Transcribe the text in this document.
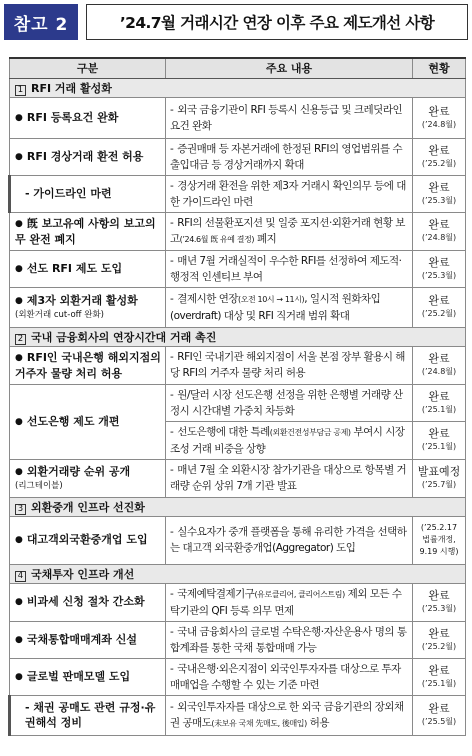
참고 2	’24.7월 거래시간 연장 이후 주요 제도개선 사항
구분	주요 내용	현황
1 RFI 거래 활성화		
● RFI 등록요건 완화	- 외국 금융기관이 RFI 등록시 신용등급 및 크레딧라인 요건 완화	완료
(’24.8월)

● RFI 경상거래 환전 허용	- 증권매매 등 자본거래에 한정된 RFI의 영업범위를 수출입대금 등 경상거래까지 확대	완료
(’25.2월)

- 가이드라인 마련	- 경상거래 환전을 위한 제3자 거래시 확인의무 등에 대한 가이드라인 마련	완료
(’25.3월)

● 旣 보고유예 사항의 보고의무 완전 폐지	- RFI의 선물환포지션 및 일중 포지션·외환거래 현황 보고(’24.6월 旣 유예 결정) 폐지	완료
(’24.8월)

● 선도 RFI 제도 도입	- 매년 7월 거래실적이 우수한 RFI를 선정하여 제도적·행정적 인센티브 부여	완료
(’25.3월)

● 제3자 외환거래 활성화
(외환거래 cut-off 완화)	- 결제시한 연장(오전 10시 → 11시), 일시적 원화차입(overdraft) 대상 및 RFI 직거래 범위 확대	완료
(’25.2월)

2 국내 금융회사의 연장시간대 거래 촉진		
● RFI인 국내은행 해외지점의 거주자 물량 처리 허용	- RFI인 국내기관 해외지점이 서울 본점 장부 활용시 해당 RFI의 거주자 물량 처리 허용	완료
(’24.8월)

● 선도은행 제도 개편	- 원/달러 시장 선도은행 선정을 위한 은행별 거래량 산정시 시간대별 가중치 차등화	완료
(’25.1월)

	- 선도은행에 대한 특례(외환건전성부담금 공제) 부여시 시장조성 거래 비중을 상향	완료
(’25.1월)

● 외환거래량 순위 공개
(리그테이블)	- 매년 7월 全 외환시장 참가기관을 대상으로 항목별 거래량 순위 상위 7개 기관 발표	발표예정
(’25.7월)

3 외환중개 인프라 선진화		
● 대고객외국환중개업 도입	- 실수요자가 중개 플랫폼을 통해 유리한 가격을 선택하는 대고객 외국환중개업(Aggregator) 도입	(’25.2.17
법률개정,
9.19 시행)

4 국채투자 인프라 개선		
● 비과세 신청 절차 간소화	- 국제예탁결제기구(유로클리어, 클리어스트림) 제외 모든 수탁기관의 QFI 등록 의무 면제	완료
(’25.3월)

● 국채통합매매계좌 신설	- 국내 금융회사의 글로벌 수탁은행·자산운용사 명의 통합계좌를 통한 국채 통합매매 가능	완료
(’25.2월)

● 글로벌 판매모델 도입	- 국내은행·외은지점이 외국인투자자를 대상으로 투자매매업을 수행할 수 있는 기준 마련	완료
(’25.1월)

- 채권 공매도 관련 규정·유권해석 정비	- 외국인투자자를 대상으로 한 외국 금융기관의 장외채권 공매도(未보유 국채 先매도, 後매입) 허용	완료
(’25.5월)
